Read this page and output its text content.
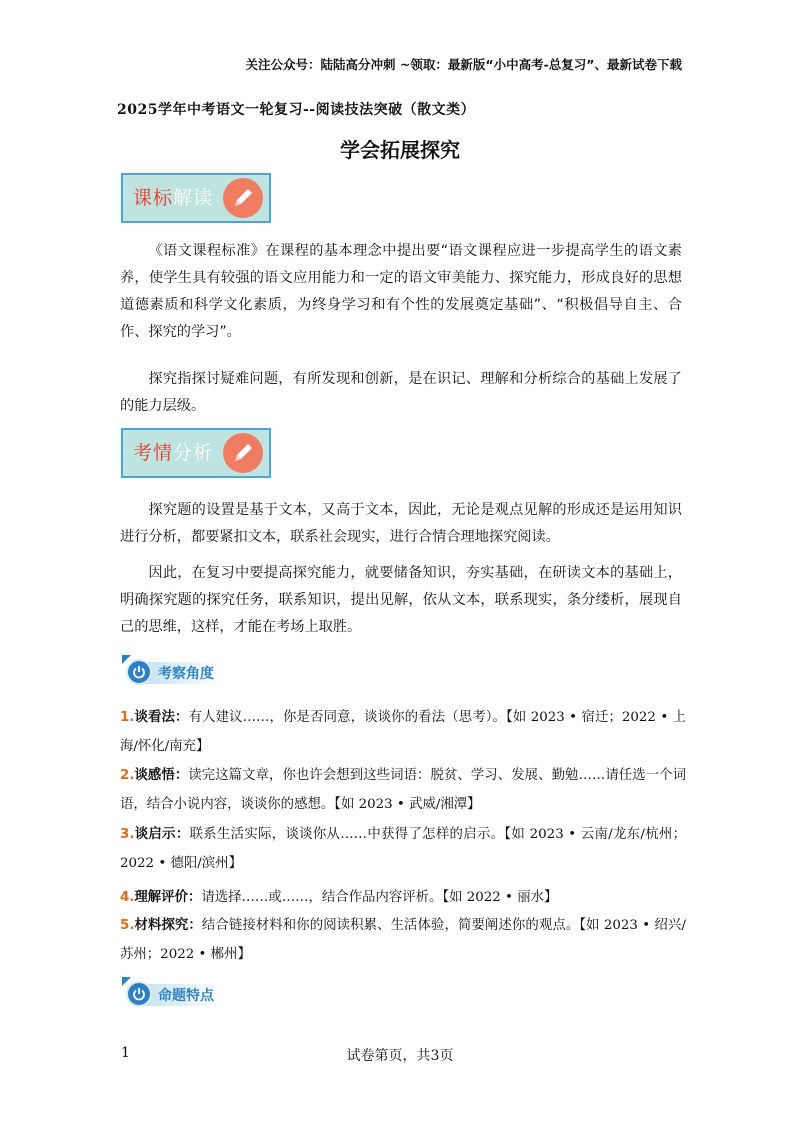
关注公众号：陆陆高分冲刺 ~领取：最新版“小中高考-总复习”、最新试卷下载
2025学年中考语文一轮复习--阅读技法突破（散文类）
学会拓展探究
课标解读
《语文课程标准》在课程的基本理念中提出要“语文课程应进一步提高学生的语文素养，使学生具有较强的语文应用能力和一定的语文审美能力、探究能力，形成良好的思想道德素质和科学文化素质，为终身学习和有个性的发展奠定基础”、“积极倡导自主、合作、探究的学习”。
探究指探讨疑难问题，有所发现和创新，是在识记、理解和分析综合的基础上发展了的能力层级。
考情分析
探究题的设置是基于文本，又高于文本，因此，无论是观点见解的形成还是运用知识进行分析，都要紧扣文本，联系社会现实，进行合情合理地探究阅读。
因此，在复习中要提高探究能力，就要储备知识，夯实基础，在研读文本的基础上，明确探究题的探究任务，联系知识，提出见解，依从文本，联系现实，条分缕析，展现自己的思维，这样，才能在考场上取胜。
考察角度
1.谈看法：有人建议……，你是否同意，谈谈你的看法（思考）。【如 2023 • 宿迁；2022 • 上海/怀化/南充】
2.谈感悟：读完这篇文章，你也许会想到这些词语：脱贫、学习、发展、勤勉……请任选一个词语，结合小说内容，谈谈你的感想。【如 2023 • 武威/湘潭】
3.谈启示：联系生活实际，谈谈你从……中获得了怎样的启示。【如 2023 • 云南/龙东/杭州；2022 • 德阳/滨州】
4.理解评价：请选择……或……，结合作品内容评析。【如 2022 • 丽水】
5.材料探究：结合链接材料和你的阅读积累、生活体验，简要阐述你的观点。【如 2023 • 绍兴/苏州；2022 • 郴州】
命题特点
1	试卷第页，共3页
